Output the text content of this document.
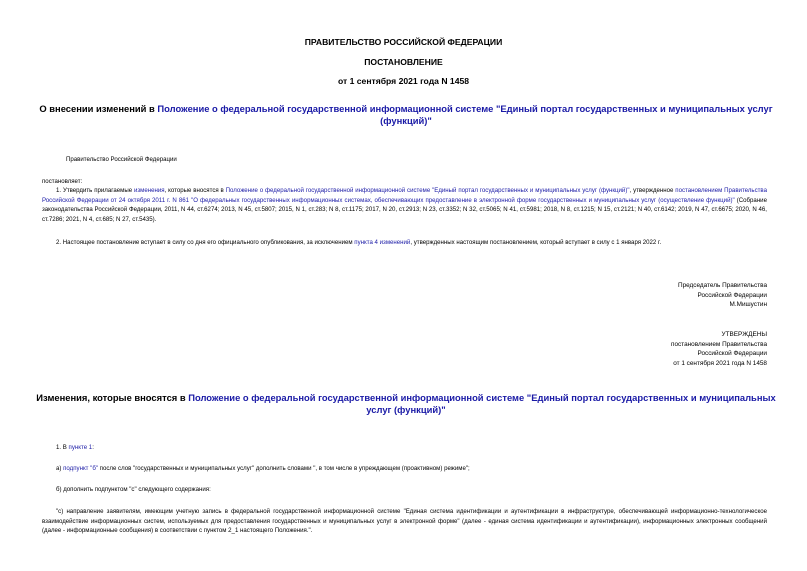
ПРАВИТЕЛЬСТВО РОССИЙСКОЙ ФЕДЕРАЦИИ
ПОСТАНОВЛЕНИЕ
от 1 сентября 2021 года N 1458
О внесении изменений в Положение о федеральной государственной информационной системе "Единый портал государственных и муниципальных услуг (функций)"
Правительство Российской Федерации
постановляет:
1. Утвердить прилагаемые изменения, которые вносятся в Положение о федеральной государственной информационной системе "Единый портал государственных и муниципальных услуг (функций)", утвержденное постановлением Правительства Российской Федерации от 24 октября 2011 г. N 861 "О федеральных государственных информационных системах, обеспечивающих предоставление в электронной форме государственных и муниципальных услуг (осуществление функций)" (Собрание законодательства Российской Федерации, 2011, N 44, ст.6274; 2013, N 45, ст.5807; 2015, N 1, ст.283; N 8, ст.1175; 2017, N 20, ст.2913; N 23, ст.3352; N 32, ст.5065; N 41, ст.5981; 2018, N 8, ст.1215; N 15, ст.2121; N 40, ст.6142; 2019, N 47, ст.6675; 2020, N 46, ст.7286; 2021, N 4, ст.685; N 27, ст.5435).
2. Настоящее постановление вступает в силу со дня его официального опубликования, за исключением пункта 4 изменений, утвержденных настоящим постановлением, который вступает в силу с 1 января 2022 г.
Председатель Правительства
Российской Федерации
М.Мишустин
УТВЕРЖДЕНЫ
постановлением Правительства
Российской Федерации
от 1 сентября 2021 года N 1458
Изменения, которые вносятся в Положение о федеральной государственной информационной системе "Единый портал государственных и муниципальных услуг (функций)"
1. В пункте 1:
а) подпункт "б" после слов "государственных и муниципальных услуг" дополнить словами ", в том числе в упреждающем (проактивном) режиме";
б) дополнить подпунктом "с" следующего содержания:
"с) направление заявителям, имеющим учетную запись в федеральной государственной информационной системе "Единая система идентификации и аутентификации в инфраструктуре, обеспечивающей информационно-технологическое взаимодействие информационных систем, используемых для предоставления государственных и муниципальных услуг в электронной форме" (далее - единая система идентификации и аутентификации), информационных электронных сообщений (далее - информационные сообщения) в соответствии с пунктом 2_1 настоящего Положения.".
